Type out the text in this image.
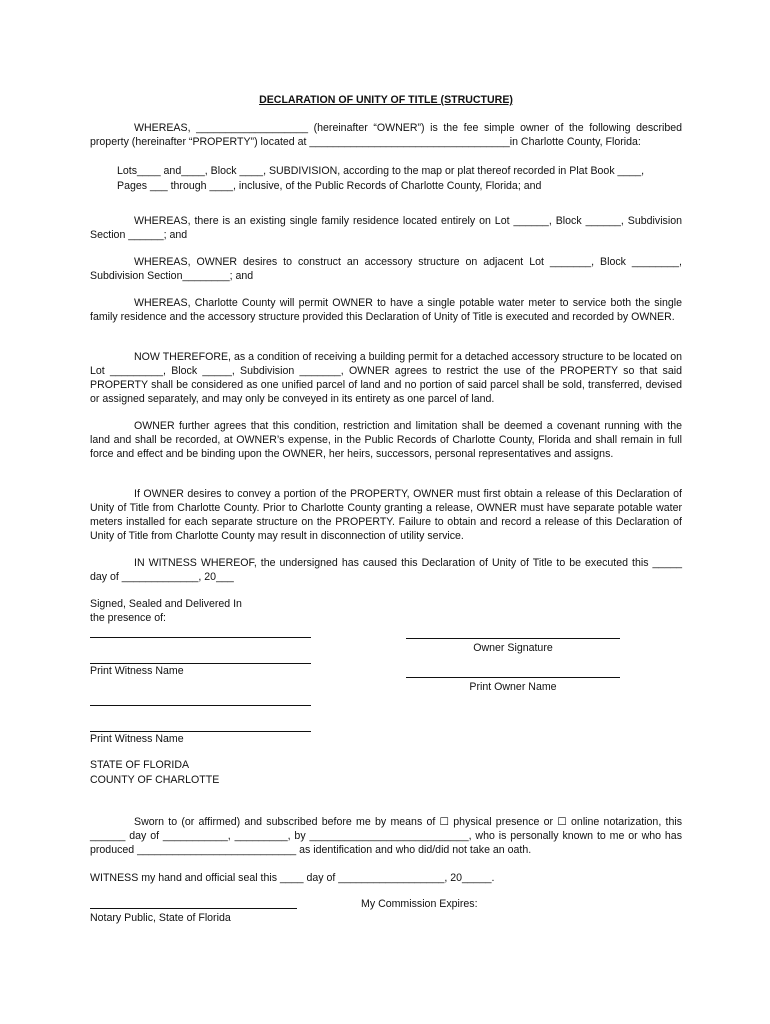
DECLARATION OF UNITY OF TITLE (STRUCTURE)
WHEREAS, ___________________ (hereinafter “OWNER”) is the fee simple owner of the following described property (hereinafter “PROPERTY”) located at __________________________________in Charlotte County, Florida:
Lots____ and____, Block ____, SUBDIVISION, according to the map or plat thereof recorded in Plat Book ____,
Pages ___ through ____, inclusive, of the Public Records of Charlotte County, Florida; and
WHEREAS, there is an existing single family residence located entirely on Lot ______, Block ______, Subdivision Section ______; and
WHEREAS, OWNER desires to construct an accessory structure on adjacent Lot _______, Block ________, Subdivision Section________; and
WHEREAS, Charlotte County will permit OWNER to have a single potable water meter to service both the single family residence and the accessory structure provided this Declaration of Unity of Title is executed and recorded by OWNER.
NOW THEREFORE, as a condition of receiving a building permit for a detached accessory structure to be located on Lot _________, Block _____, Subdivision _______, OWNER agrees to restrict the use of the PROPERTY so that said PROPERTY shall be considered as one unified parcel of land and no portion of said parcel shall be sold, transferred, devised or assigned separately, and may only be conveyed in its entirety as one parcel of land.
OWNER further agrees that this condition, restriction and limitation shall be deemed a covenant running with the land and shall be recorded, at OWNER’s expense, in the Public Records of Charlotte County, Florida and shall remain in full force and effect and be binding upon the OWNER, her heirs, successors, personal representatives and assigns.
If OWNER desires to convey a portion of the PROPERTY, OWNER must first obtain a release of this Declaration of Unity of Title from Charlotte County. Prior to Charlotte County granting a release, OWNER must have separate potable water meters installed for each separate structure on the PROPERTY. Failure to obtain and record a release of this Declaration of Unity of Title from Charlotte County may result in disconnection of utility service.
IN WITNESS WHEREOF, the undersigned has caused this Declaration of Unity of Title to be executed this _____ day of _____________, 20___
Signed, Sealed and Delivered In
the presence of:
Print Witness Name
Print Witness Name
Owner Signature
Print Owner Name
STATE OF FLORIDA
COUNTY OF CHARLOTTE
Sworn to (or affirmed) and subscribed before me by means of ☐ physical presence or ☐ online notarization, this ______ day of ___________, _________, by ___________________________, who is personally known to me or who has produced ___________________________ as identification and who did/did not take an oath.
WITNESS my hand and official seal this ____ day of __________________, 20_____.
Notary Public, State of Florida
My Commission Expires:
